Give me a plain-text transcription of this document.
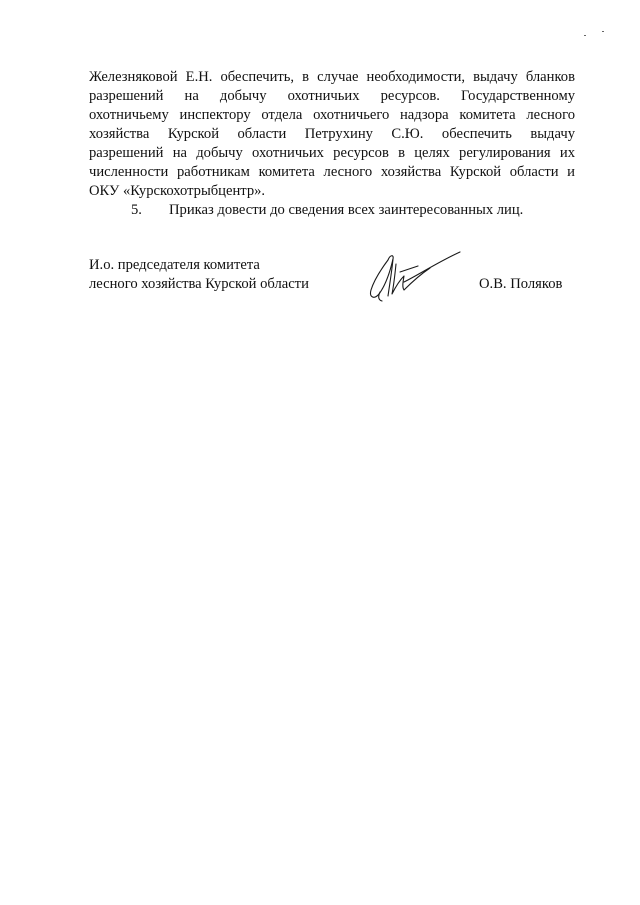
Железняковой Е.Н. обеспечить, в случае необходимости, выдачу бланков
разрешений на добычу охотничьих ресурсов. Государственному
охотничьему инспектору отдела охотничьего надзора комитета лесного
хозяйства Курской области Петрухину С.Ю. обеспечить выдачу
разрешений на добычу охотничьих ресурсов в целях регулирования их
численности работникам комитета лесного хозяйства Курской области и
ОКУ «Курскохотрыбцентр».
5. Приказ довести до сведения всех заинтересованных лиц.
И.о. председателя комитета
лесного хозяйства Курской области	О.В. Поляков
